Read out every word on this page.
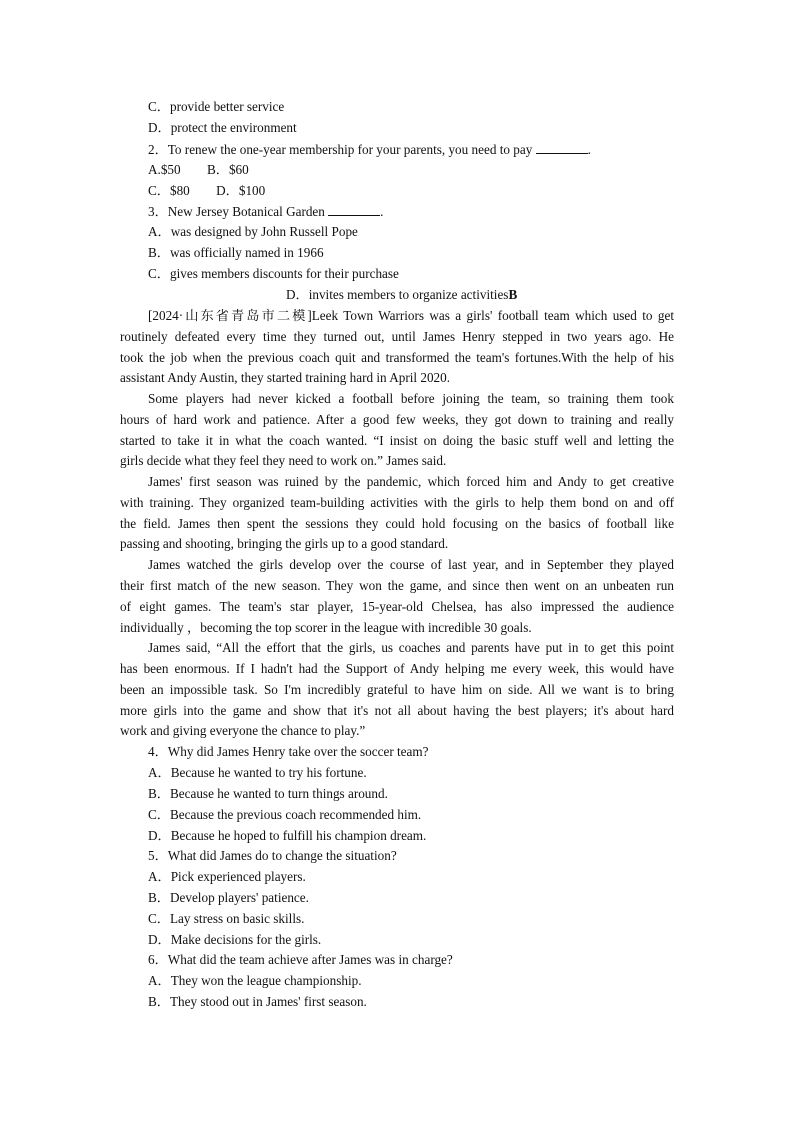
C．provide better service
D．protect the environment
2．To renew the one-year membership for your parents, you need to pay	.
A.$50　　B．$60
C．$80　　D．$100
3．New Jersey Botanical Garden	.
A．was designed by John Russell Pope
B．was officially named in 1966
C．gives members discounts for their purchase
D．invites members to organize activitiesB
[2024·山东省青岛市二模]Leek Town Warriors was a girls' football team which used to get
routinely defeated every time they turned out, until James Henry stepped in two years ago. He
took the job when the previous coach quit and transformed the team's fortunes.With the help of his
assistant Andy Austin, they started training hard in April 2020.
Some players had never kicked a football before joining the team, so training them took
hours of hard work and patience. After a good few weeks, they got down to training and really
started to take it in what the coach wanted. “I insist on doing the basic stuff well and letting the
girls decide what they feel they need to work on.” James said.
James' first season was ruined by the pandemic, which forced him and Andy to get creative
with training. They organized team-building activities with the girls to help them bond on and off
the field. James then spent the sessions they could hold focusing on the basics of football like
passing and shooting, bringing the girls up to a good standard.
James watched the girls develop over the course of last year, and in September they played
their first match of the new season. They won the game, and since then went on an unbeaten run
of eight games. The team's star player, 15-year-old Chelsea, has also impressed the audience
individually ，becoming the top scorer in the league with incredible 30 goals.
James said, “All the effort that the girls, us coaches and parents have put in to get this point
has been enormous. If I hadn't had the Support of Andy helping me every week, this would have
been an impossible task. So I'm incredibly grateful to have him on side. All we want is to bring
more girls into the game and show that it's not all about having the best players; it's about hard
work and giving everyone the chance to play.”
4．Why did James Henry take over the soccer team?
A．Because he wanted to try his fortune.
B．Because he wanted to turn things around.
C．Because the previous coach recommended him.
D．Because he hoped to fulfill his champion dream.
5．What did James do to change the situation?
A．Pick experienced players.
B．Develop players' patience.
C．Lay stress on basic skills.
D．Make decisions for the girls.
6．What did the team achieve after James was in charge?
A．They won the league championship.
B．They stood out in James' first season.
